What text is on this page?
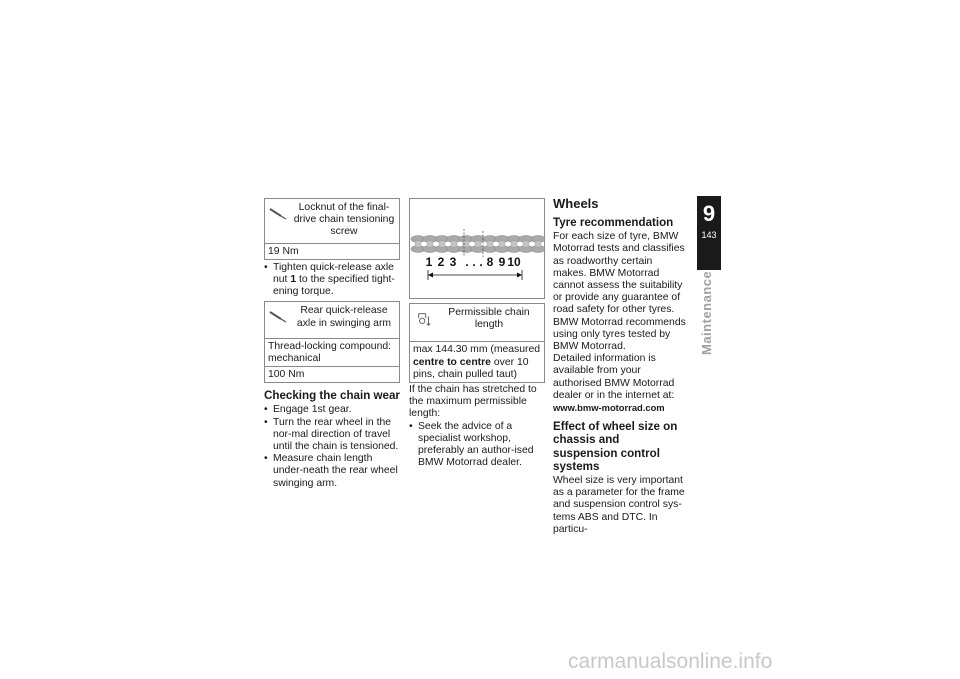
Locknut of the final-drive chain tensioning screw
19 Nm
• Tighten quick-release axle nut 1 to the specified tight-ening torque.
Rear quick-release axle in swinging arm
Thread-locking compound: mechanical
100 Nm
Checking the chain wear
• Engage 1st gear.
• Turn the rear wheel in the nor-mal direction of travel until the chain is tensioned.
• Measure chain length under-neath the rear wheel swinging arm.
1 2 3 . . . 8 9 10
Permissible chain length
max 144.30 mm (measured centre to centre over 10 pins, chain pulled taut)

If the chain has stretched to the maximum permissible length:

• Seek the advice of a specialist workshop, preferably an author-ised BMW Motorrad dealer.
Wheels
Tyre recommendation

For each size of tyre, BMW Motorrad tests and classifies as roadworthy certain makes. BMW Motorrad cannot assess the suitability or provide any guarantee of road safety for other tyres.

BMW Motorrad recommends using only tyres tested by BMW Motorrad.

Detailed information is available from your authorised BMW Motorrad dealer or in the internet at:

www.bmw-motorrad.com

Effect of wheel size on chassis and suspension control systems

Wheel size is very important as a parameter for the frame and suspension control sys-tems ABS and DTC. In particu-

9
143
Maintenance
carmanualsonline.info
